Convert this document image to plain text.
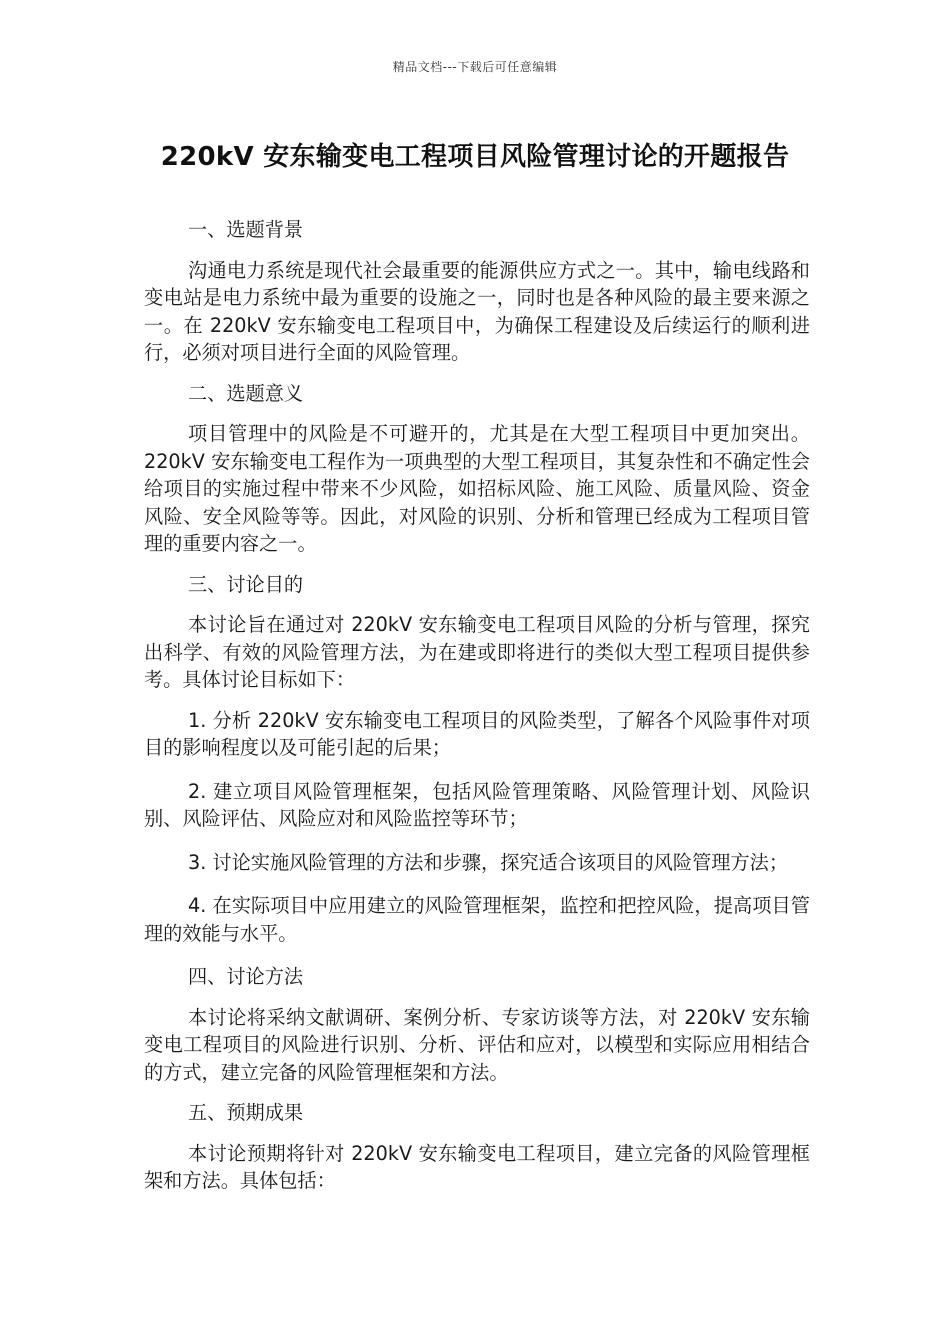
精品文档---下载后可任意编辑
220kV 安东输变电工程项目风险管理讨论的开题报告
一、选题背景
沟通电力系统是现代社会最重要的能源供应方式之一。其中，输电线路和变电站是电力系统中最为重要的设施之一，同时也是各种风险的最主要来源之一。在 220kV 安东输变电工程项目中，为确保工程建设及后续运行的顺利进行，必须对项目进行全面的风险管理。
二、选题意义
项目管理中的风险是不可避开的，尤其是在大型工程项目中更加突出。220kV 安东输变电工程作为一项典型的大型工程项目，其复杂性和不确定性会给项目的实施过程中带来不少风险，如招标风险、施工风险、质量风险、资金风险、安全风险等等。因此，对风险的识别、分析和管理已经成为工程项目管理的重要内容之一。
三、讨论目的
本讨论旨在通过对 220kV 安东输变电工程项目风险的分析与管理，探究出科学、有效的风险管理方法，为在建或即将进行的类似大型工程项目提供参考。具体讨论目标如下：
1. 分析 220kV 安东输变电工程项目的风险类型，了解各个风险事件对项目的影响程度以及可能引起的后果；
2. 建立项目风险管理框架，包括风险管理策略、风险管理计划、风险识别、风险评估、风险应对和风险监控等环节；
3. 讨论实施风险管理的方法和步骤，探究适合该项目的风险管理方法；
4. 在实际项目中应用建立的风险管理框架，监控和把控风险，提高项目管理的效能与水平。
四、讨论方法
本讨论将采纳文献调研、案例分析、专家访谈等方法，对 220kV 安东输变电工程项目的风险进行识别、分析、评估和应对，以模型和实际应用相结合的方式，建立完备的风险管理框架和方法。
五、预期成果
本讨论预期将针对 220kV 安东输变电工程项目，建立完备的风险管理框架和方法。具体包括：
